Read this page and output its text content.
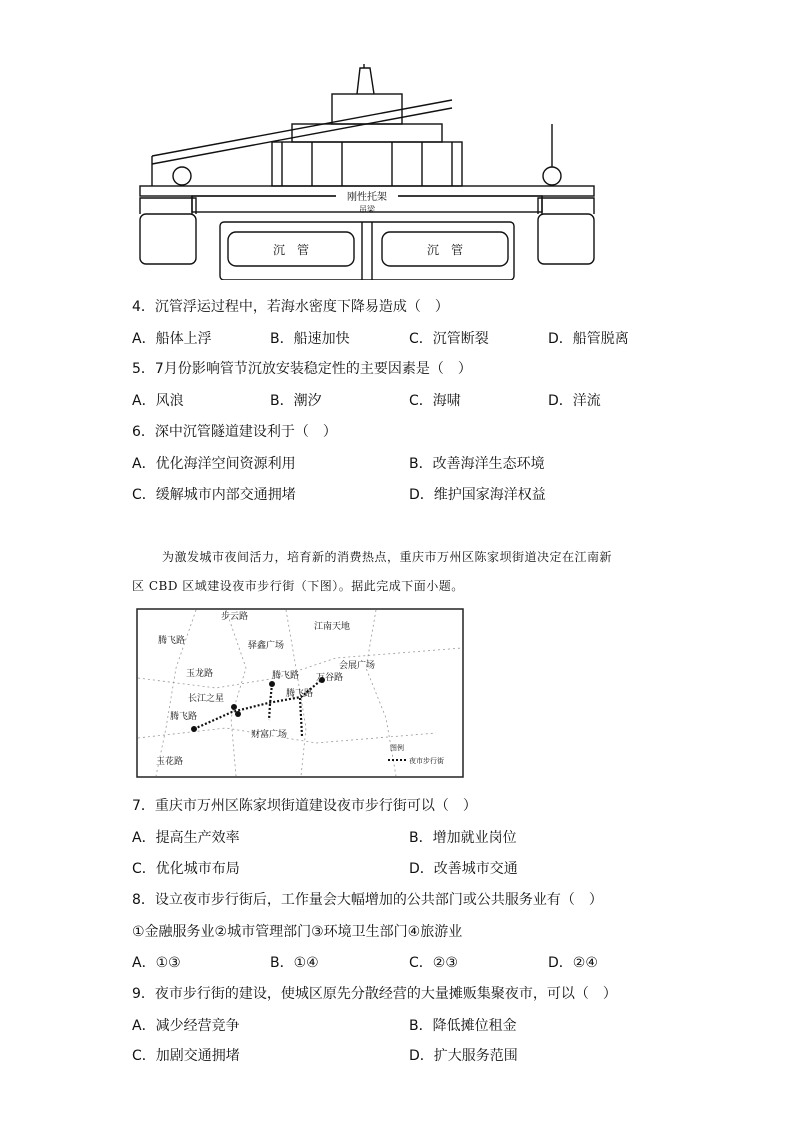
刚性托架
吊梁
沉　管	沉　管
4．沉管浮运过程中，若海水密度下降易造成（　）
A．船体上浮	B．船速加快	C．沉管断裂	D．船管脱离
5．7月份影响管节沉放安装稳定性的主要因素是（　）
A．风浪	B．潮汐	C．海啸	D．洋流
6．深中沉管隧道建设利于（　）
A．优化海洋空间资源利用	B．改善海洋生态环境
C．缓解城市内部交通拥堵	D．维护国家海洋权益
为激发城市夜间活力，培育新的消费热点，重庆市万州区陈家坝街道决定在江南新
区 CBD 区域建设夜市步行街（下图）。据此完成下面小题。
步云路
腾飞路
江南天地
驿鑫广场
会展广场
玉龙路	腾飞路 万谷路
长江之星	腾飞路
腾飞路
财富广场
玉花路
图例
夜市步行街
7．重庆市万州区陈家坝街道建设夜市步行街可以（　）
A．提高生产效率	B．增加就业岗位
C．优化城市布局	D．改善城市交通
8．设立夜市步行街后，工作量会大幅增加的公共部门或公共服务业有（　）
①金融服务业②城市管理部门③环境卫生部门④旅游业
A．①③	B．①④	C．②③	D．②④
9．夜市步行街的建设，使城区原先分散经营的大量摊贩集聚夜市，可以（　）
A．减少经营竞争	B．降低摊位租金
C．加剧交通拥堵	D．扩大服务范围
